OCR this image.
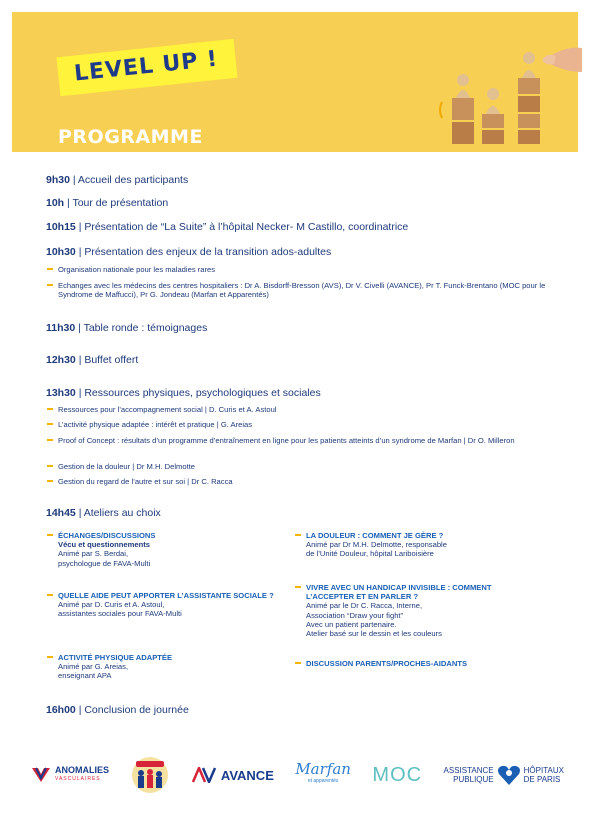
LEVEL UP !
PROGRAMME
9h30 | Accueil des participants
10h | Tour de présentation
10h15 | Présentation de “La Suite” à l’hôpital Necker- M Castillo, coordinatrice
10h30 | Présentation des enjeux de la transition ados-adultes
Organisation nationale pour les maladies rares
Echanges avec les médecins des centres hospitaliers : Dr A. Bisdorff-Bresson (AVS), Dr V. Civelli (AVANCE), Pr T. Funck-Brentano (MOC pour le Syndrome de Maffucci), Pr G. Jondeau (Marfan et Apparentés)
11h30 | Table ronde : témoignages
12h30 | Buffet offert
13h30 | Ressources physiques, psychologiques et sociales
Ressources pour l’accompagnement social | D. Curis et A. Astoul
L’activité physique adaptée : intérêt et pratique | G. Areias
Proof of Concept : résultats d’un programme d’entraînement en ligne pour les patients atteints d’un syndrome de Marfan | Dr O. Milleron
Gestion de la douleur | Dr M.H. Delmotte
Gestion du regard de l’autre et sur soi | Dr C. Racca
14h45 | Ateliers au choix
ÉCHANGES/DISCUSSIONS
Vécu et questionnements
Animé par S. Berdai,
psychologue de FAVA-Multi
QUELLE AIDE PEUT APPORTER L’ASSISTANTE SOCIALE ?
Animé par D. Curis et A. Astoul,
assistantes sociales pour FAVA-Multi
ACTIVITÉ PHYSIQUE ADAPTÉE
Animé par G. Areias,
enseignant APA
LA DOULEUR : COMMENT JE GÈRE ?
Animé par Dr M.H. Delmotte, responsable
de l’Unité Douleur, hôpital Lariboisière
VIVRE AVEC UN HANDICAP INVISIBLE : COMMENT L’ACCEPTER ET EN PARLER ?
Animé par le Dr C. Racca, Interne,
Association “Draw your fight”
Avec un patient partenaire.
Atelier basé sur le dessin et les couleurs
DISCUSSION PARENTS/PROCHES-AIDANTS
16h00 | Conclusion de journée
ANOMALIES
VASCULAIRES	AVANCE Marfan
et apparentés	MOC	ASSISTANCE
PUBLIQUE
HÔPITAUX
DE PARIS
